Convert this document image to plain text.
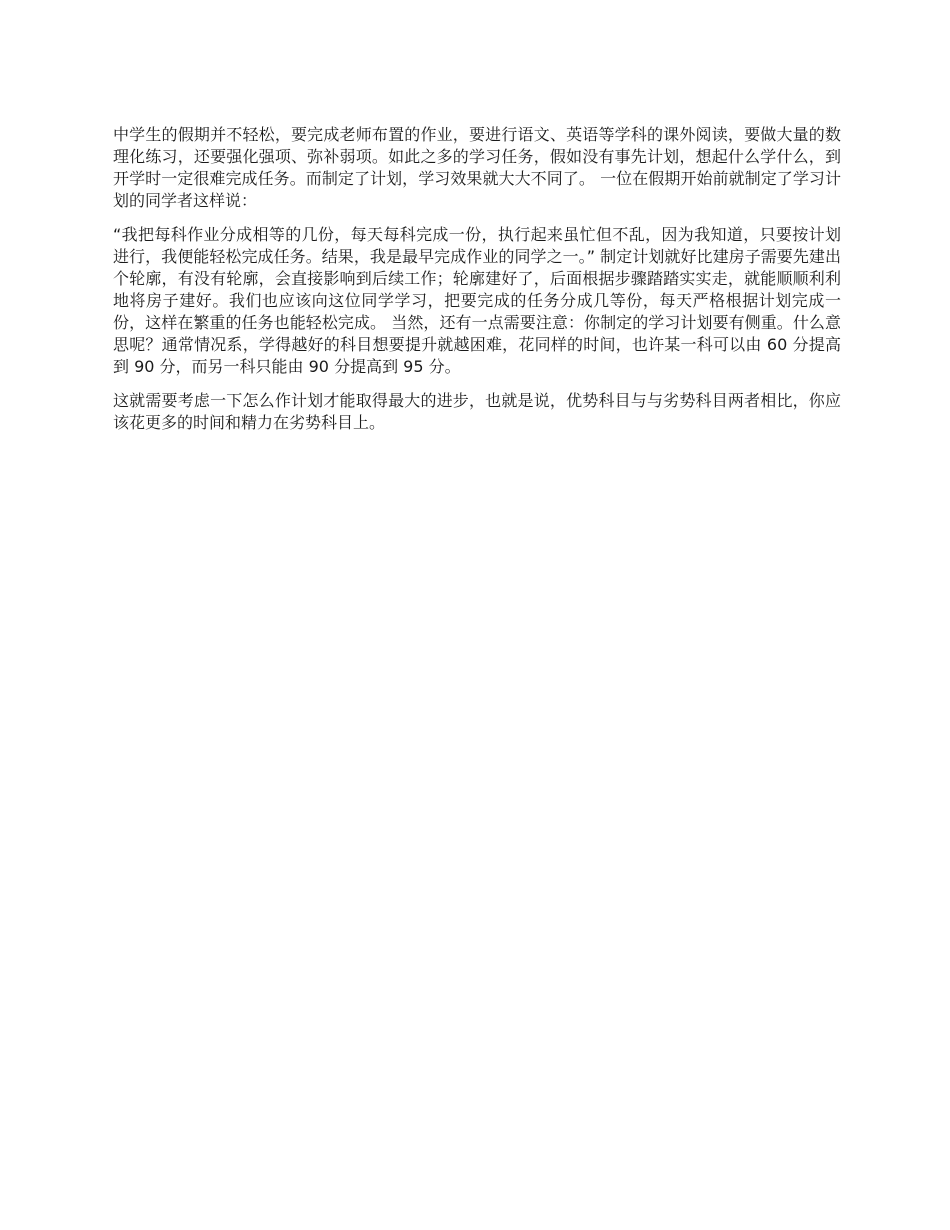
中学生的假期并不轻松，要完成老师布置的作业，要进行语文、英语等学科的课外阅读，要做大量的数理化练习，还要强化强项、弥补弱项。如此之多的学习任务，假如没有事先计划，想起什么学什么，到开学时一定很难完成任务。而制定了计划，学习效果就大大不同了。 一位在假期开始前就制定了学习计划的同学者这样说：

“我把每科作业分成相等的几份，每天每科完成一份，执行起来虽忙但不乱，因为我知道，只要按计划进行，我便能轻松完成任务。结果，我是最早完成作业的同学之一。” 制定计划就好比建房子需要先建出个轮廓，有没有轮廓，会直接影响到后续工作；轮廓建好了，后面根据步骤踏踏实实走，就能顺顺利利地将房子建好。我们也应该向这位同学学习，把要完成的任务分成几等份，每天严格根据计划完成一份，这样在繁重的任务也能轻松完成。 当然，还有一点需要注意：你制定的学习计划要有侧重。什么意思呢？通常情况系，学得越好的科目想要提升就越困难，花同样的时间，也许某一科可以由 60 分提高到 90 分，而另一科只能由 90 分提高到 95 分。

这就需要考虑一下怎么作计划才能取得最大的进步，也就是说，优势科目与与劣势科目两者相比，你应该花更多的时间和精力在劣势科目上。
